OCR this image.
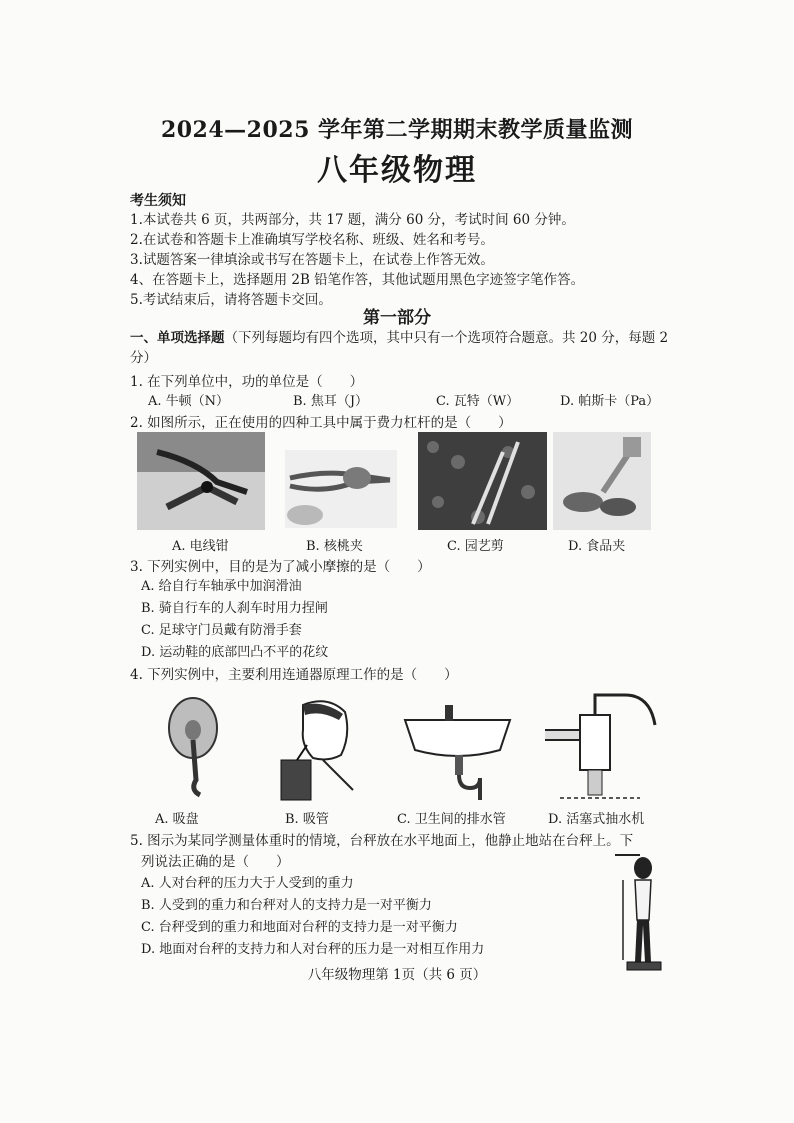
2024—2025 学年第二学期期末教学质量监测
八年级物理
考生须知
1.本试卷共 6 页，共两部分，共 17 题，满分 60 分，考试时间 60 分钟。
2.在试卷和答题卡上准确填写学校名称、班级、姓名和考号。
3.试题答案一律填涂或书写在答题卡上，在试卷上作答无效。
4、在答题卡上，选择题用 2B 铅笔作答，其他试题用黑色字迹签字笔作答。
5.考试结束后，请将答题卡交回。
第一部分
一、单项选择题（下列每题均有四个选项，其中只有一个选项符合题意。共 20 分，每题 2 分）
1. 在下列单位中，功的单位是（　　）
A. 牛顿（N）	B. 焦耳（J）	C. 瓦特（W）	D. 帕斯卡（Pa）
2. 如图所示，正在使用的四种工具中属于费力杠杆的是（　　）
A. 电线钳	B. 核桃夹	C. 园艺剪	D. 食品夹
3. 下列实例中，目的是为了减小摩擦的是（　　）
A. 给自行车轴承中加润滑油
B. 骑自行车的人刹车时用力捏闸
C. 足球守门员戴有防滑手套
D. 运动鞋的底部凹凸不平的花纹
4. 下列实例中，主要利用连通器原理工作的是（　　）
A. 吸盘	B. 吸管	C. 卫生间的排水管	D. 活塞式抽水机
5. 图示为某同学测量体重时的情境，台秤放在水平地面上，他静止地站在台秤上。下
列说法正确的是（　　）
A. 人对台秤的压力大于人受到的重力
B. 人受到的重力和台秤对人的支持力是一对平衡力
C. 台秤受到的重力和地面对台秤的支持力是一对平衡力
D. 地面对台秤的支持力和人对台秤的压力是一对相互作用力
八年级物理第 1页（共 6 页）
